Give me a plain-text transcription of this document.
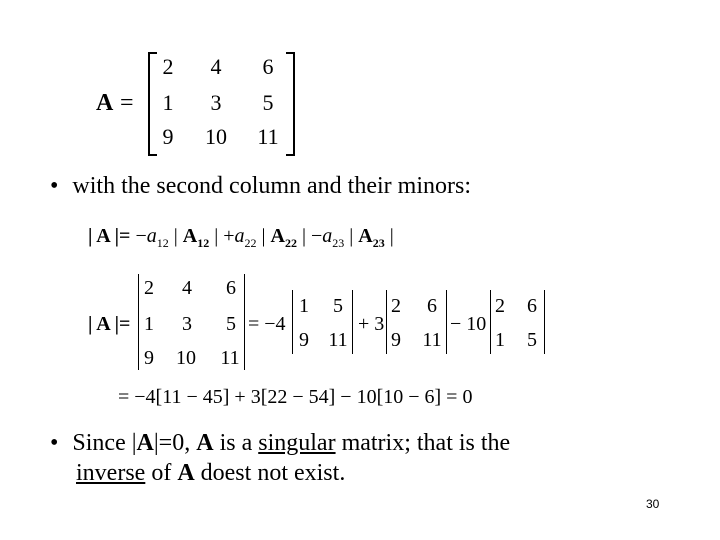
A =
2 4 6
1 3 5
9 10 11
• with the second column and their minors:
| A |= $-a_{12}$ | $A_{12}$ | $+a_{22}$ | $A_{22}$ | $-a_{23}$ | $A_{23}$ |
| A |=
2 4 6
1 3 5
9 10 11
= −4
1 5
9 11
+ 3
2 6
9 11
− 10
2 6
1 5
= −4[11 − 45] + 3[22 − 54] − 10[10 − 6] = 0
• Since |A|=0, A is a singular matrix; that is the
inverse of A doest not exist.
30
